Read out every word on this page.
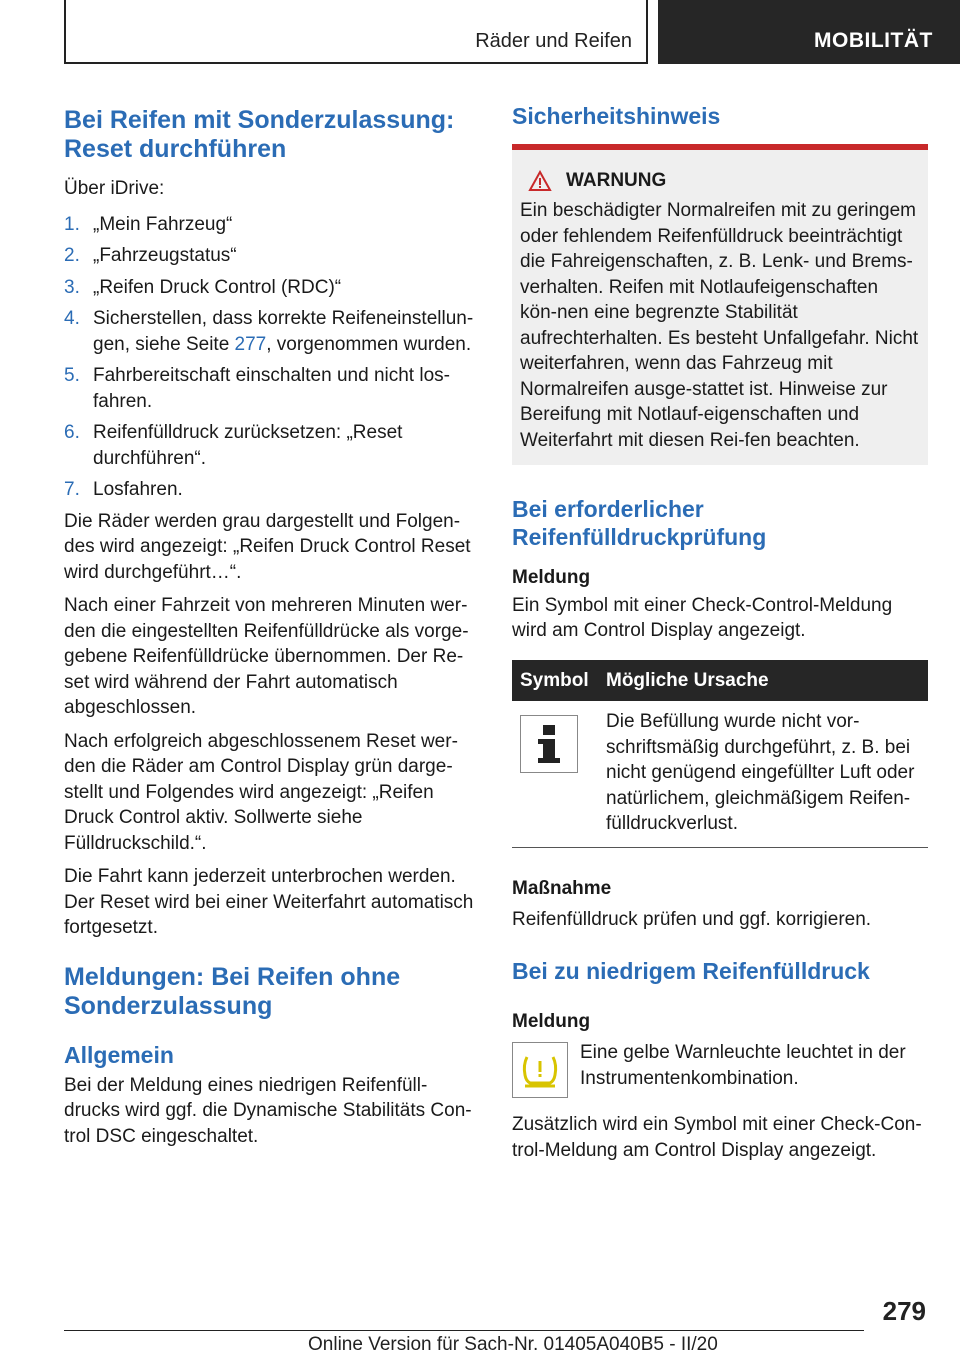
Räder und Reifen	MOBILITÄT
Bei Reifen mit Sonderzulassung: Reset durchführen

Über iDrive:

1. „Mein Fahrzeug“
2. „Fahrzeugstatus“
3. „Reifen Druck Control (RDC)“
4. Sicherstellen, dass korrekte Reifeneinstellun‐gen, siehe Seite 277, vorgenommen wurden.
5. Fahrbereitschaft einschalten und nicht los‐fahren.
6. Reifenfülldruck zurücksetzen: „Reset durchführen“.
7. Losfahren.

Die Räder werden grau dargestellt und Folgen‐des wird angezeigt: „Reifen Druck Control Reset wird durchgeführt…“.

Nach einer Fahrzeit von mehreren Minuten wer‐den die eingestellten Reifenfülldrücke als vorge‐gebene Reifenfülldrücke übernommen. Der Re‐set wird während der Fahrt automatisch abgeschlossen.

Nach erfolgreich abgeschlossenem Reset wer‐den die Räder am Control Display grün darge‐stellt und Folgendes wird angezeigt: „Reifen Druck Control aktiv. Sollwerte siehe Fülldruckschild.“.

Die Fahrt kann jederzeit unterbrochen werden. Der Reset wird bei einer Weiterfahrt automatisch fortgesetzt.

Meldungen: Bei Reifen ohne Sonderzulassung
Allgemein

Bei der Meldung eines niedrigen Reifenfüll‐drucks wird ggf. die Dynamische Stabilitäts Con‐trol DSC eingeschaltet.

Sicherheitshinweis
WARNUNG

Ein beschädigter Normalreifen mit zu geringem oder fehlendem Reifenfülldruck beeinträchtigt die Fahreigenschaften, z. B. Lenk- und Brems‐verhalten. Reifen mit Notlaufeigenschaften kön‐nen eine begrenzte Stabilität aufrechterhalten. Es besteht Unfallgefahr. Nicht weiterfahren, wenn das Fahrzeug mit Normalreifen ausge‐stattet ist. Hinweise zur Bereifung mit Notlauf‐eigenschaften und Weiterfahrt mit diesen Rei‐fen beachten.

Bei erforderlicher Reifenfülldruckprüfung

Meldung

Ein Symbol mit einer Check-Control-Meldung wird am Control Display angezeigt.

Symbol	Mögliche Ursache
	Die Befüllung wurde nicht vor‐schriftsmäßig durchgeführt, z. B. bei nicht genügend eingefüllter Luft oder natürlichem, gleichmäßigem Reifen‐fülldruckverlust.

Maßnahme

Reifenfülldruck prüfen und ggf. korrigieren.

Bei zu niedrigem Reifenfülldruck

Meldung

Eine gelbe Warnleuchte leuchtet in der Instrumentenkombination.

Zusätzlich wird ein Symbol mit einer Check-Con‐trol-Meldung am Control Display angezeigt.

279
Online Version für Sach-Nr. 01405A040B5 - II/20
